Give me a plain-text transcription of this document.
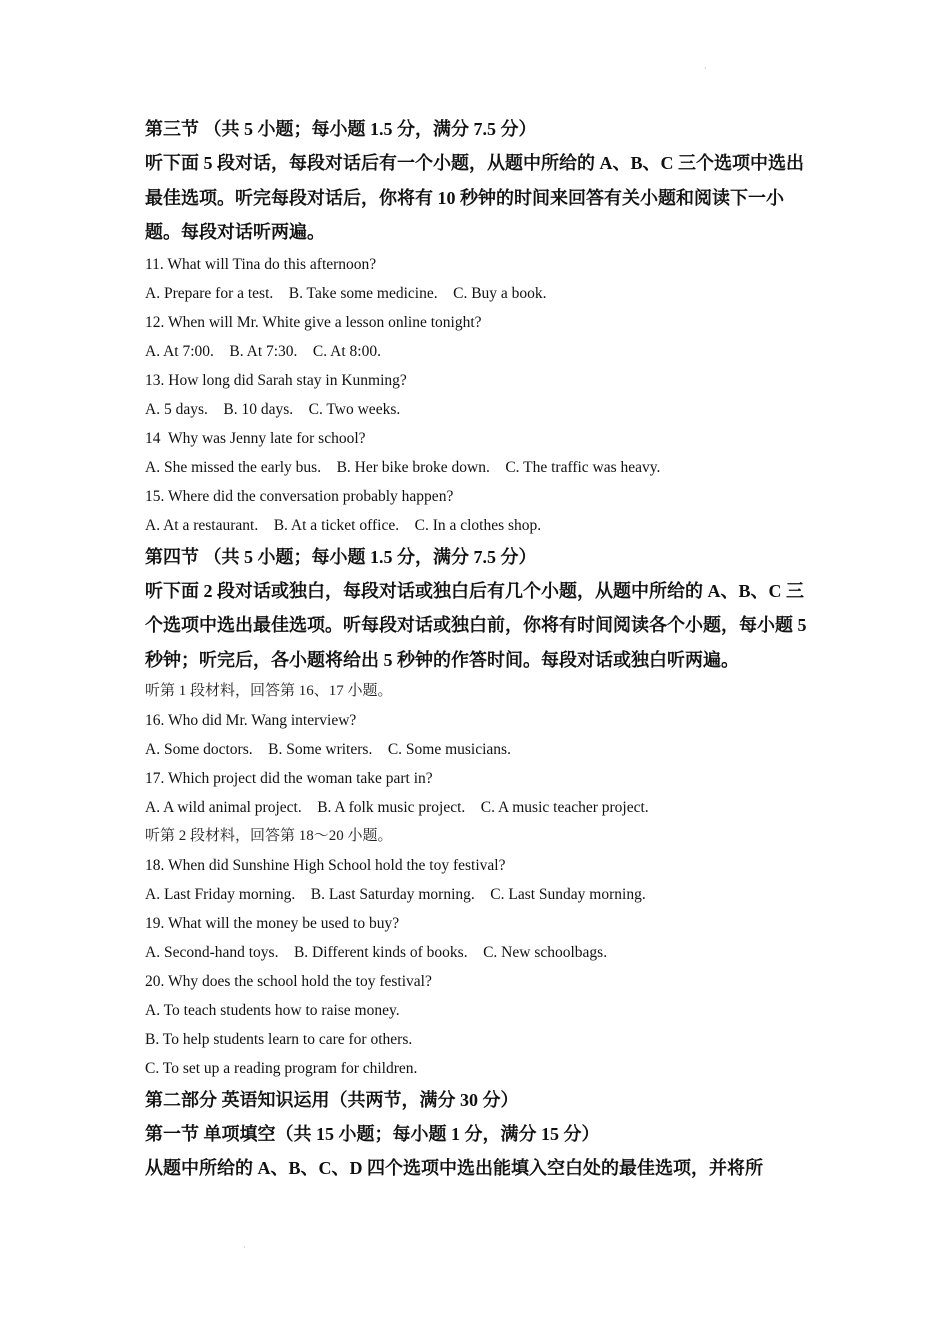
·
·

第三节 （共 5 小题；每小题 1.5 分，满分 7.5 分）

听下面 5 段对话，每段对话后有一个小题，从题中所给的 A、B、C 三个选项中选出最佳选项。听完每段对话后，你将有 10 秒钟的时间来回答有关小题和阅读下一小题。每段对话听两遍。

11. What will Tina do this afternoon?

A. Prepare for a test.    B. Take some medicine.    C. Buy a book.

12. When will Mr. White give a lesson online tonight?

A. At 7:00.    B. At 7:30.    C. At 8:00.

13. How long did Sarah stay in Kunming?

A. 5 days.    B. 10 days.    C. Two weeks.

14  Why was Jenny late for school?

A. She missed the early bus.    B. Her bike broke down.    C. The traffic was heavy.

15. Where did the conversation probably happen?

A. At a restaurant.    B. At a ticket office.    C. In a clothes shop.

第四节 （共 5 小题；每小题 1.5 分，满分 7.5 分）

听下面 2 段对话或独白，每段对话或独白后有几个小题，从题中所给的 A、B、C 三个选项中选出最佳选项。听每段对话或独白前，你将有时间阅读各个小题，每小题 5 秒钟；听完后，各小题将给出 5 秒钟的作答时间。每段对话或独白听两遍。

听第 1 段材料，回答第 16、17 小题。

16. Who did Mr. Wang interview?

A. Some doctors.    B. Some writers.    C. Some musicians.

17. Which project did the woman take part in?

A. A wild animal project.    B. A folk music project.    C. A music teacher project.

听第 2 段材料，回答第 18～20 小题。

18. When did Sunshine High School hold the toy festival?

A. Last Friday morning.    B. Last Saturday morning.    C. Last Sunday morning.

19. What will the money be used to buy?

A. Second-hand toys.    B. Different kinds of books.    C. New schoolbags.

20. Why does the school hold the toy festival?

A. To teach students how to raise money.

B. To help students learn to care for others.

C. To set up a reading program for children.

第二部分 英语知识运用（共两节，满分 30 分）

第一节 单项填空（共 15 小题；每小题 1 分，满分 15 分）

从题中所给的 A、B、C、D 四个选项中选出能填入空白处的最佳选项，并将所
